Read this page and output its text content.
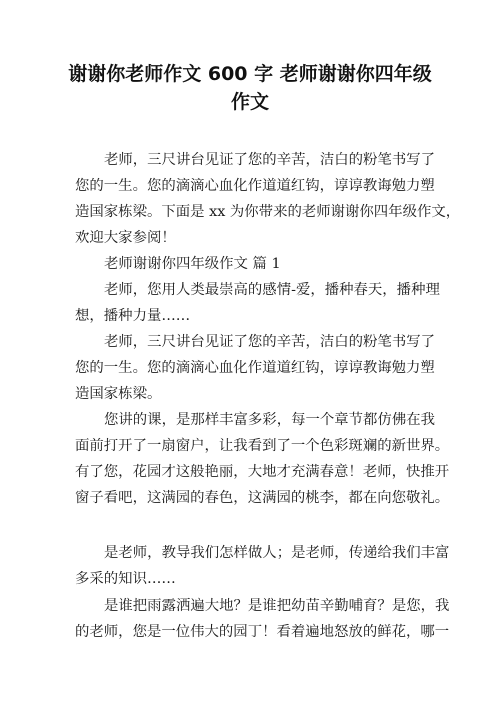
谢谢你老师作文 600 字 老师谢谢你四年级
作文
老师，三尺讲台见证了您的辛苦，洁白的粉笔书写了
您的一生。您的滴滴心血化作道道红钩，谆谆教诲勉力塑
造国家栋梁。下面是 xx 为你带来的老师谢谢你四年级作文，
欢迎大家参阅！
老师谢谢你四年级作文 篇 1
老师，您用人类最崇高的感情-爱，播种春天，播种理
想，播种力量……
老师，三尺讲台见证了您的辛苦，洁白的粉笔书写了
您的一生。您的滴滴心血化作道道红钩，谆谆教诲勉力塑
造国家栋梁。
您讲的课，是那样丰富多彩，每一个章节都仿佛在我
面前打开了一扇窗户，让我看到了一个色彩斑斓的新世界。
有了您，花园才这般艳丽，大地才充满春意！老师，快推开
窗子看吧，这满园的春色，这满园的桃李，都在向您敬礼。
是老师，教导我们怎样做人；是老师，传递给我们丰富
多采的知识……
是谁把雨露洒遍大地？是谁把幼苗辛勤哺育？是您，我
的老师，您是一位伟大的园丁！看着遍地怒放的鲜花，哪一
